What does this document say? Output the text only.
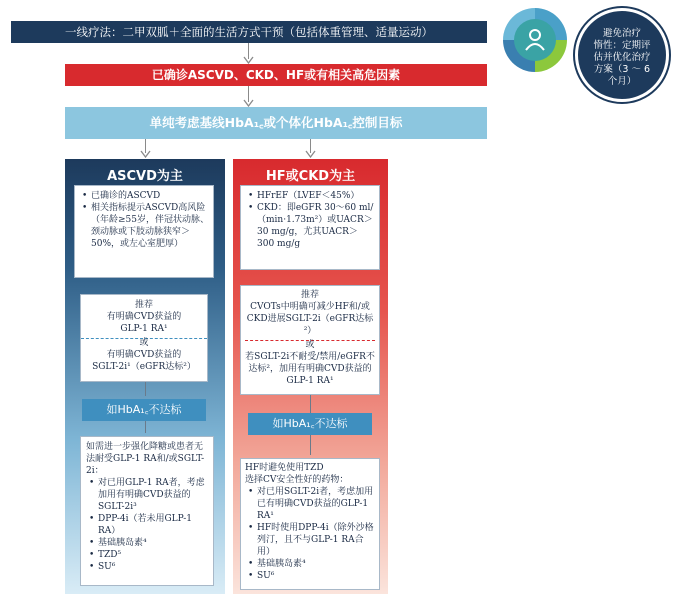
一线疗法：二甲双胍＋全面的生活方式干预（包括体重管理、适量运动）
已确诊ASCVD、CKD、HF或有相关高危因素
单纯考虑基线HbA₁꜀或个体化HbA₁꜀控制目标
避免治疗
惰性：定期评
估并优化治疗
方案（3 ～ 6
个月）
ASCVD为主
• 已确诊的ASCVD
• 相关指标提示ASCVD高风险（年龄≥55岁，伴冠状动脉、颈动脉或下肢动脉狭窄＞50%，或左心室肥厚）
推荐
有明确CVD获益的
GLP-1 RA¹
或
有明确CVD获益的
SGLT-2i¹（eGFR达标²）
如HbA₁꜀不达标
如需进一步强化降糖或患者无法耐受GLP-1 RA和/或SGLT-2i：
• 对已用GLP-1 RA者，考虑加用有明确CVD获益的SGLT-2i³
• DPP-4i（若未用GLP-1 RA）
• 基础胰岛素⁴
• TZD⁵
• SU⁶
HF或CKD为主
• HFrEF（LVEF＜45%）
• CKD：即eGFR 30～60 ml/（min·1.73m²）或UACR＞30 mg/g，尤其UACR＞300 mg/g
推荐
CVOTs中明确可减少HF和/或CKD进展SGLT-2i（eGFR达标²）
或
若SGLT-2i不耐受/禁用/eGFR不达标²，加用有明确CVD获益的GLP-1 RA¹
如HbA₁꜀不达标
HF时避免使用TZD
选择CV安全性好的药物：
• 对已用SGLT-2i者，考虑加用已有明确CVD获益的GLP-1 RA¹
• HF时使用DPP-4i（除外沙格列汀，且不与GLP-1 RA合用）
• 基础胰岛素⁴
• SU⁶
